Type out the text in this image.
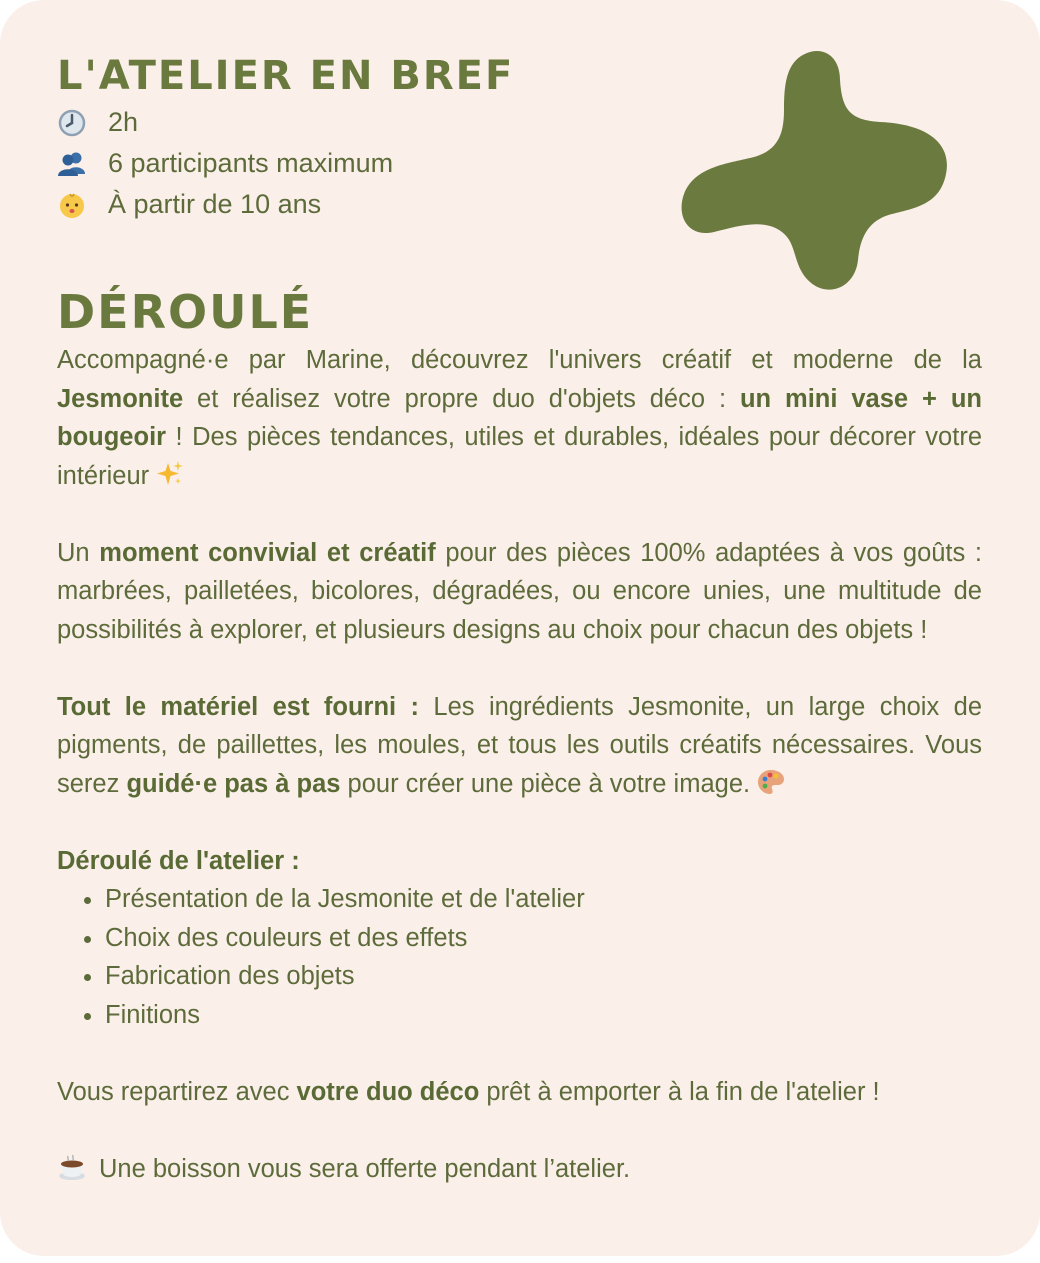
L'ATELIER EN BREF
2h
6 participants maximum
À partir de 10 ans
DÉROULÉ

Accompagné·e par Marine, découvrez l'univers créatif et moderne de la Jesmonite et réalisez votre propre duo d'objets déco : un mini vase + un bougeoir ! Des pièces tendances, utiles et durables, idéales pour décorer votre intérieur

Un moment convivial et créatif pour des pièces 100% adaptées à vos goûts : marbrées, pailletées, bicolores, dégradées, ou encore unies, une multitude de possibilités à explorer, et plusieurs designs au choix pour chacun des objets !

Tout le matériel est fourni : Les ingrédients Jesmonite, un large choix de pigments, de paillettes, les moules, et tous les outils créatifs nécessaires. Vous serez guidé·e pas à pas pour créer une pièce à votre image.

Déroulé de l'atelier :

• Présentation de la Jesmonite et de l'atelier
• Choix des couleurs et des effets
• Fabrication des objets
• Finitions

Vous repartirez avec votre duo déco prêt à emporter à la fin de l'atelier !

Une boisson vous sera offerte pendant l’atelier.
